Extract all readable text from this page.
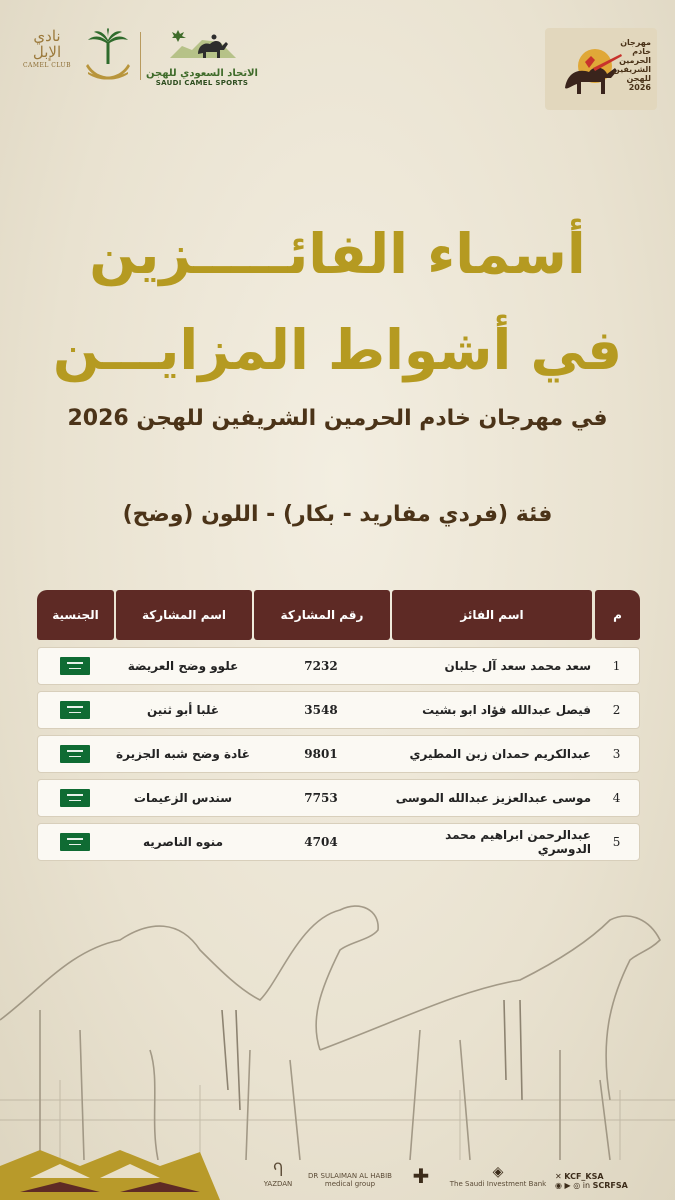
نادي الإبل
CAMEL CLUB
الاتحاد السعودي للهجن
SAUDI CAMEL SPORTS
مهرجان خادم الحرمين الشريفين للهجن 2026
أسماء الفائـــــزين
في أشواط المزايـــن
في مهرجان خادم الحرمين الشريفين للهجن 2026
فئة (فردي مفاريد - بكار) - اللون (وضح)
م
اسم الفائز
رقم المشاركة
اسم المشاركة
الجنسية
1
سعد محمد سعد آل جلبان
7232
علوو وضح العريضة
2
فيصل عبدالله فؤاد ابو بشيت
3548
غلبا أبو ثنين
3
عبدالكريم حمدان زبن المطيري
9801
غادة وضح شبه الجزيرة
4
موسى عبدالعزيز عبدالله الموسى
7753
سندس الزعيمات
5
عبدالرحمن ابراهيم محمد الدوسري
4704
منوه الناصريه
Ⴄ
YAZDAN
DR SULAIMAN AL HABIB
medical group	✚	◈
The Saudi Investment Bank
✕ KCF_KSA
◉ ▶ ◎ in SCRFSA
